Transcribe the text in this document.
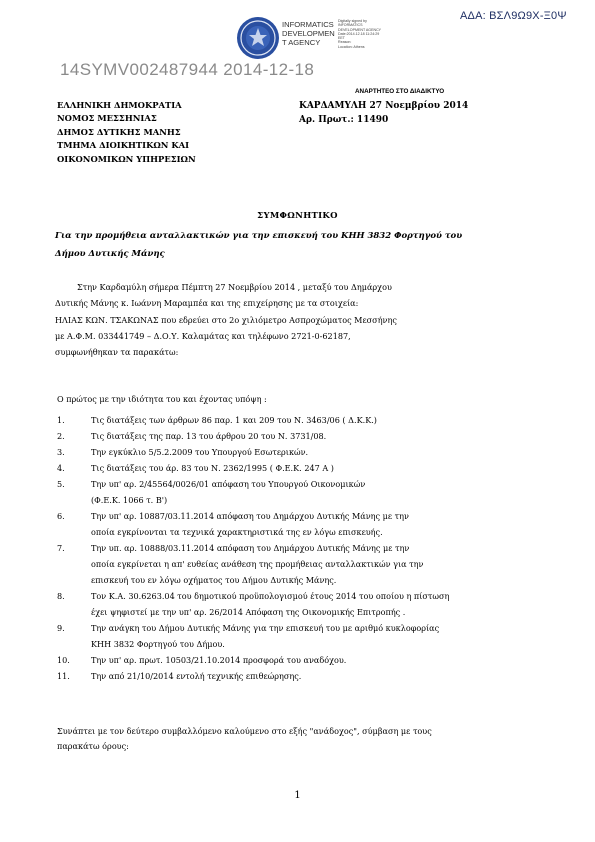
ΑΔΑ: ΒΣΛ9Ω9Χ-Ξ0Ψ
INFORMATICS
DEVELOPMEN
T AGENCY
Digitally signed by
INFORMATICS
DEVELOPMENT AGENCY
Date:2014.12.18 11:24:29
EET
Reason:
Location: Athens
14SYMV002487944 2014-12-18
ΑΝΑΡΤΗΤΕΟ ΣΤΟ ΔΙΑΔΙΚΤΥΟ
ΕΛΛΗΝΙΚΗ ΔΗΜΟΚΡΑΤΙΑ
ΝΟΜΟΣ ΜΕΣΣΗΝΙΑΣ
ΔΗΜΟΣ ΔΥΤΙΚΗΣ ΜΑΝΗΣ
ΤΜΗΜΑ ΔΙΟΙΚΗΤΙΚΩΝ ΚΑΙ
ΟΙΚΟΝΟΜΙΚΩΝ ΥΠΗΡΕΣΙΩΝ
ΚΑΡΔΑΜΥΛΗ 27 Νοεμβρίου 2014
Αρ. Πρωτ.: 11490
ΣΥΜΦΩΝΗΤΙΚΟ
Για την προμήθεια ανταλλακτικών για την επισκευή του ΚΗΗ 3832 Φορτηγού του
Δήμου Δυτικής Μάνης
Στην Καρδαμύλη σήμερα Πέμπτη 27 Νοεμβρίου 2014 , μεταξύ του Δημάρχου
Δυτικής Μάνης κ. Ιωάννη Μαραμπέα και της επιχείρησης με τα στοιχεία:
ΗΛΙΑΣ ΚΩΝ. ΤΣΑΚΩΝΑΣ που εδρεύει στο 2ο χιλιόμετρο Ασπροχώματος Μεσσήνης
με Α.Φ.Μ. 033441749 – Δ.Ο.Υ. Καλαμάτας και τηλέφωνο 2721-0-62187,
συμφωνήθηκαν τα παρακάτω:
Ο πρώτος με την ιδιότητα του και έχοντας υπόψη :
1.	Τις διατάξεις των άρθρων 86 παρ. 1 και 209 του Ν. 3463/06 ( Δ.Κ.Κ.)
2.	Τις διατάξεις της παρ. 13 του άρθρου 20 του Ν. 3731/08.
3.	Την εγκύκλιο 5/5.2.2009 του Υπουργού Εσωτερικών.
4.	Τις διατάξεις του άρ. 83 του Ν. 2362/1995 ( Φ.Ε.Κ. 247 Α )
5.	Την υπ' αρ. 2/45564/0026/01 απόφαση του Υπουργού Οικονομικών
(Φ.Ε.Κ. 1066 τ. Β')
6.	Την υπ' αρ. 10887/03.11.2014 απόφαση του Δημάρχου Δυτικής Μάνης με την
οποία εγκρίνονται τα τεχνικά χαρακτηριστικά της εν λόγω επισκευής.
7.	Την υπ. αρ. 10888/03.11.2014 απόφαση του Δημάρχου Δυτικής Μάνης με την
οποία εγκρίνεται η απ' ευθείας ανάθεση της προμήθειας ανταλλακτικών για την
επισκευή του εν λόγω οχήματος του Δήμου Δυτικής Μάνης.
8.	Τον Κ.Α. 30.6263.04 του δημοτικού προϋπολογισμού έτους 2014 του οποίου η πίστωση
έχει ψηφιστεί με την υπ' αρ. 26/2014 Απόφαση της Οικονομικής Επιτροπής .
9.	Την ανάγκη του Δήμου Δυτικής Μάνης για την επισκευή του με αριθμό κυκλοφορίας
ΚΗΗ 3832 Φορτηγού του Δήμου.
10.	Την υπ' αρ. πρωτ. 10503/21.10.2014 προσφορά του αναδόχου.
11.	Την από 21/10/2014 εντολή τεχνικής επιθεώρησης.
Συνάπτει με τον δεύτερο συμβαλλόμενο καλούμενο στο εξής "ανάδοχος", σύμβαση με τους
παρακάτω όρους:
1
